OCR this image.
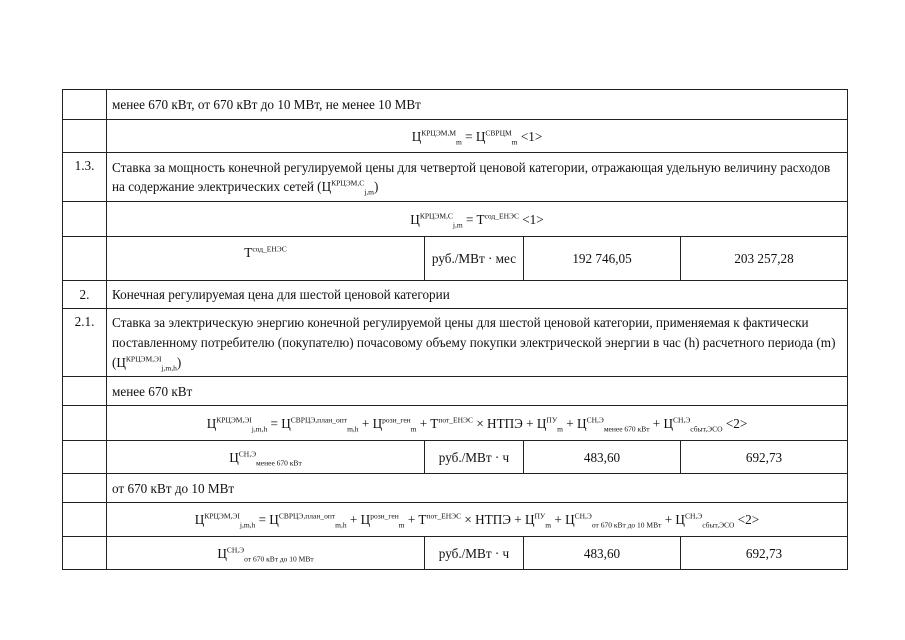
	менее 670 кВт, от 670 кВт до 10 МВт, не менее 10 МВт			
	$Ц^{КРЦЭМ,М}_m = Ц^{СВРЦМ}_m <1>$			
1.3.	Ставка за мощность конечной регулируемой цены для четвертой ценовой категории, отражающая удельную величину расходов на содержание электрических сетей $(Ц^{КРЦЭМ,С}_{j,m})$			
	$Ц^{КРЦЭМ,С}_{j,m} = T^{сод\_ЕНЭС} <1>$			
	$T^{сод\_ЕНЭС}$	руб./МВт · мес	192 746,05	203 257,28
2.	Конечная регулируемая цена для шестой ценовой категории			
2.1.	Ставка за электрическую энергию конечной регулируемой цены для шестой ценовой категории, применяемая к фактически поставленному потребителю (покупателю) почасовому объему покупки электрической энергии в час (h) расчетного периода (m) $(Ц^{КРЦЭМ,ЭI}_{j,m,h})$			
	менее 670 кВт			
	$Ц^{КРЦЭМ,ЭI}_{j,m,h} = Ц^{СВРЦЭ,план\_опт}_{m,h} + Ц^{розн\_ген}_m + T^{пот\_ЕНЭС}$ × НТПЭ + $Ц^{ПУ}_m + Ц^{СН,Э}_{менее 670 кВт} + Ц^{СН,Э}_{сбыт,ЭСО} <2>$			
	$Ц^{СН,Э}_{менее 670 кВт}$	руб./МВт · ч	483,60	692,73
	от 670 кВт до 10 МВт			
	$Ц^{КРЦЭМ,ЭI}_{j,m,h} = Ц^{СВРЦЭ,план\_опт}_{m,h} + Ц^{розн\_ген}_m + T^{пот\_ЕНЭС}$ × НТПЭ + $Ц^{ПУ}_m + Ц^{СН,Э}_{от 670 кВт до 10 МВт} + Ц^{СН,Э}_{сбыт,ЭСО} <2>$			
	$Ц^{СН,Э}_{от 670 кВт до 10 МВт}$	руб./МВт · ч	483,60	692,73
